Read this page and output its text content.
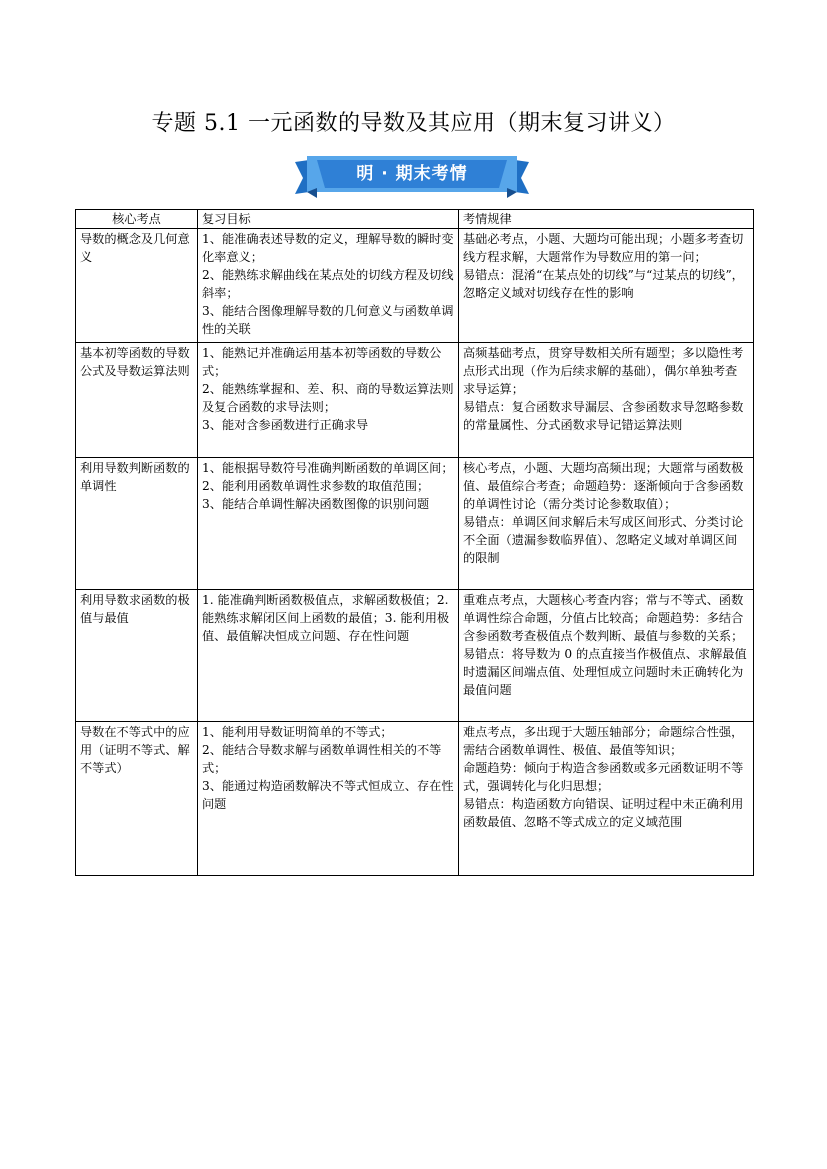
专题 5.1 一元函数的导数及其应用（期末复习讲义）
明 · 期末考情
核心考点	复习目标	考情规律
导数的概念及几何意义	1、能准确表述导数的定义，理解导数的瞬时变化率意义；
2、能熟练求解曲线在某点处的切线方程及切线斜率；
3、能结合图像理解导数的几何意义与函数单调性的关联	基础必考点，小题、大题均可能出现；小题多考查切线方程求解，大题常作为导数应用的第一问；
易错点：混淆“在某点处的切线”与“过某点的切线”，忽略定义域对切线存在性的影响

基本初等函数的导数公式及导数运算法则	1、能熟记并准确运用基本初等函数的导数公式；
2、能熟练掌握和、差、积、商的导数运算法则及复合函数的求导法则；
3、能对含参函数进行正确求导	高频基础考点，贯穿导数相关所有题型；多以隐性考点形式出现（作为后续求解的基础），偶尔单独考查求导运算；
易错点：复合函数求导漏层、含参函数求导忽略参数的常量属性、分式函数求导记错运算法则

利用导数判断函数的单调性	1、能根据导数符号准确判断函数的单调区间；
2、能利用函数单调性求参数的取值范围；
3、能结合单调性解决函数图像的识别问题	核心考点，小题、大题均高频出现；大题常与函数极值、最值综合考查；命题趋势：逐渐倾向于含参函数的单调性讨论（需分类讨论参数取值）；
易错点：单调区间求解后未写成区间形式、分类讨论不全面（遗漏参数临界值）、忽略定义域对单调区间的限制

利用导数求函数的极值与最值	1. 能准确判断函数极值点，求解函数极值；2. 能熟练求解闭区间上函数的最值；3. 能利用极值、最值解决恒成立问题、存在性问题	重难点考点，大题核心考查内容；常与不等式、函数单调性综合命题，分值占比较高；命题趋势：多结合含参函数考查极值点个数判断、最值与参数的关系；
易错点：将导数为 0 的点直接当作极值点、求解最值时遗漏区间端点值、处理恒成立问题时未正确转化为最值问题

导数在不等式中的应用（证明不等式、解不等式）	1、能利用导数证明简单的不等式；
2、能结合导数求解与函数单调性相关的不等式；
3、能通过构造函数解决不等式恒成立、存在性问题	难点考点，多出现于大题压轴部分；命题综合性强，需结合函数单调性、极值、最值等知识；
命题趋势：倾向于构造含参函数或多元函数证明不等式，强调转化与化归思想；
易错点：构造函数方向错误、证明过程中未正确利用函数最值、忽略不等式成立的定义域范围
